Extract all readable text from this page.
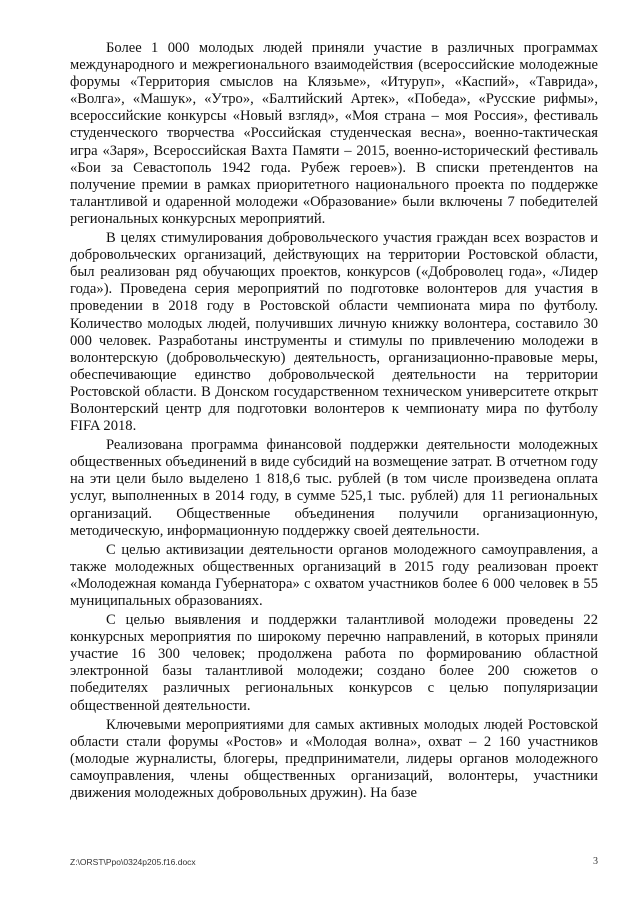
Более 1 000 молодых людей приняли участие в различных программах международного и межрегионального взаимодействия (всероссийские молодежные форумы «Территория смыслов на Клязьме», «Итуруп», «Каспий», «Таврида», «Волга», «Машук», «Утро», «Балтийский Артек», «Победа», «Русские рифмы», всероссийские конкурсы «Новый взгляд», «Моя страна – моя Россия», фестиваль студенческого творчества «Российская студенческая весна», военно-тактическая игра «Заря», Всероссийская Вахта Памяти – 2015, военно-исторический фестиваль «Бои за Севастополь 1942 года. Рубеж героев»). В списки претендентов на получение премии в рамках приоритетного национального проекта по поддержке талантливой и одаренной молодежи «Образование» были включены 7 победителей региональных конкурсных мероприятий.

В целях стимулирования добровольческого участия граждан всех возрастов и добровольческих организаций, действующих на территории Ростовской области, был реализован ряд обучающих проектов, конкурсов («Доброволец года», «Лидер года»). Проведена серия мероприятий по подготовке волонтеров для участия в проведении в 2018 году в Ростовской области чемпионата мира по футболу. Количество молодых людей, получивших личную книжку волонтера, составило 30 000 человек. Разработаны инструменты и стимулы по привлечению молодежи в волонтерскую (добровольческую) деятельность, организационно-правовые меры, обеспечивающие единство добровольческой деятельности на территории Ростовской области. В Донском государственном техническом университете открыт Волонтерский центр для подготовки волонтеров к чемпионату мира по футболу FIFA 2018.

Реализована программа финансовой поддержки деятельности молодежных общественных объединений в виде субсидий на возмещение затрат. В отчетном году на эти цели было выделено 1 818,6 тыс. рублей (в том числе произведена оплата услуг, выполненных в 2014 году, в сумме 525,1 тыс. рублей) для 11 региональных организаций. Общественные объединения получили организационную, методическую, информационную поддержку своей деятельности.

С целью активизации деятельности органов молодежного самоуправления, а также молодежных общественных организаций в 2015 году реализован проект «Молодежная команда Губернатора» с охватом участников более 6 000 человек в 55 муниципальных образованиях.

С целью выявления и поддержки талантливой молодежи проведены 22 конкурсных мероприятия по широкому перечню направлений, в которых приняли участие 16 300 человек; продолжена работа по формированию областной электронной базы талантливой молодежи; создано более 200 сюжетов о победителях различных региональных конкурсов с целью популяризации общественной деятельности.

Ключевыми мероприятиями для самых активных молодых людей Ростовской области стали форумы «Ростов» и «Молодая волна», охват – 2 160 участников (молодые журналисты, блогеры, предприниматели, лидеры органов молодежного самоуправления, члены общественных организаций, волонтеры, участники движения молодежных добровольных дружин). На базе

Z:\ORST\Ppo\0324p205.f16.docx	3
